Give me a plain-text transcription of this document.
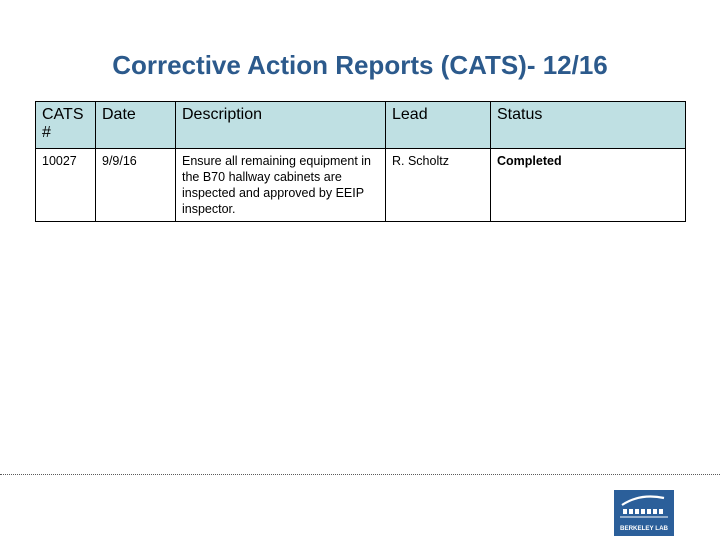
Corrective Action Reports (CATS)- 12/16
CATS #	Date	Description	Lead	Status
10027	9/9/16	Ensure all remaining equipment in the B70 hallway cabinets are inspected and approved by EEIP inspector.	R. Scholtz	Completed
BERKELEY LAB
